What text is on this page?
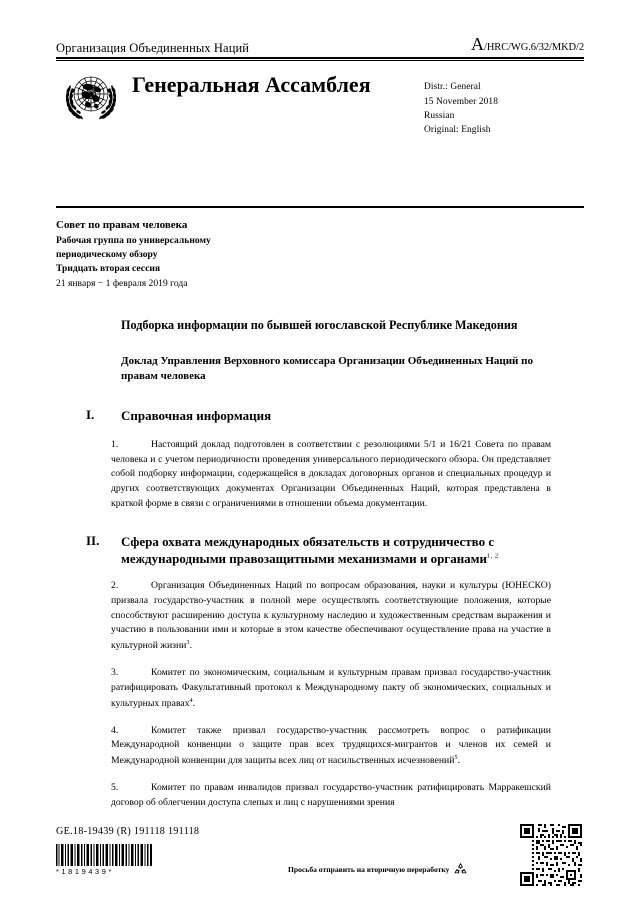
Организация Объединенных Наций	A/HRC/WG.6/32/MKD/2
Генеральная Ассамблея	Distr.: General
15 November 2018
Russian
Original: English
Совет по правам человека
Рабочая группа по универсальному
периодическому обзору
Тридцать вторая сессия
21 января − 1 февраля 2019 года
Подборка информации по бывшей югославской Республике Македония
Доклад Управления Верховного комиссара Организации Объединенных Наций по правам человека
I.	Справочная информация
1.	Настоящий доклад подготовлен в соответствии с резолюциями 5/1 и 16/21 Совета по правам человека и с учетом периодичности проведения универсального периодического обзора. Он представляет собой подборку информации, содержащейся в докладах договорных органов и специальных процедур и других соответствующих документах Организации Объединенных Наций, которая представлена в краткой форме в связи с ограничениями в отношении объема документации.
II.	Сфера охвата международных обязательств и сотрудничество с международными правозащитными механизмами и органами$^{1, 2}$
2.	Организация Объединенных Наций по вопросам образования, науки и культуры (ЮНЕСКО) призвала государство-участник в полной мере осуществлять соответствующие положения, которые способствуют расширению доступа к культурному наследию и художественным средствам выражения и участию в пользовании ими и которые в этом качестве обеспечивают осуществление права на участие в культурной жизни$^3$.
3.	Комитет по экономическим, социальным и культурным правам призвал государство-участник ратифицировать Факультативный протокол к Международному пакту об экономических, социальных и культурных правах$^4$.
4.	Комитет также призвал государство-участник рассмотреть вопрос о ратификации Международной конвенции о защите прав всех трудящихся-мигрантов и членов их семей и Международной конвенции для защиты всех лиц от насильственных исчезновений$^5$.
5.	Комитет по правам инвалидов призвал государство-участник ратифицировать Марракешский договор об облегчении доступа слепых и лиц с нарушениями зрения
GE.18-19439 (R) 191118 191118
*1819439*	Просьба отправить на вторичную переработку
